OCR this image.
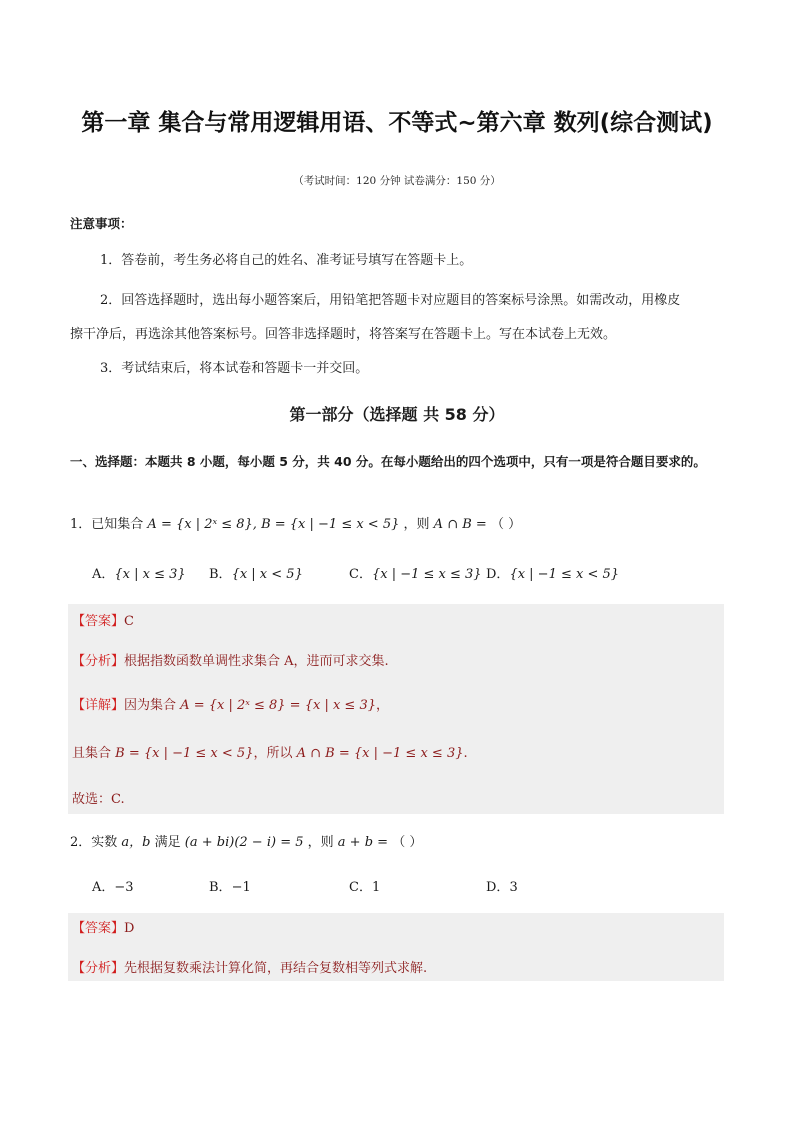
第一章 集合与常用逻辑用语、不等式~第六章 数列(综合测试)
（考试时间：120 分钟 试卷满分：150 分）
注意事项：
1．答卷前，考生务必将自己的姓名、准考证号填写在答题卡上。
2．回答选择题时，选出每小题答案后，用铅笔把答题卡对应题目的答案标号涂黑。如需改动，用橡皮
擦干净后，再选涂其他答案标号。回答非选择题时，将答案写在答题卡上。写在本试卷上无效。
3．考试结束后，将本试卷和答题卡一并交回。
第一部分（选择题 共 58 分）
一、选择题：本题共 8 小题，每小题 5 分，共 40 分。在每小题给出的四个选项中，只有一项是符合题目要求的。
1．已知集合 A = {x | 2ˣ ≤ 8}, B = {x | −1 ≤ x < 5} ，则 A ∩ B = （ ）
A．{x | x ≤ 3} B．{x | x < 5}	C．{x | −1 ≤ x ≤ 3} D．{x | −1 ≤ x < 5}
【答案】C
【分析】根据指数函数单调性求集合 A，进而可求交集.
【详解】因为集合 A = {x | 2ˣ ≤ 8} = {x | x ≤ 3}，
且集合 B = {x | −1 ≤ x < 5}，所以 A ∩ B = {x | −1 ≤ x ≤ 3}.
故选：C.
2．实数 a，b 满足 (a + bi)(2 − i) = 5 ，则 a + b = （ ）
A．−3	B．−1	C．1	D．3
【答案】D
【分析】先根据复数乘法计算化简，再结合复数相等列式求解.
